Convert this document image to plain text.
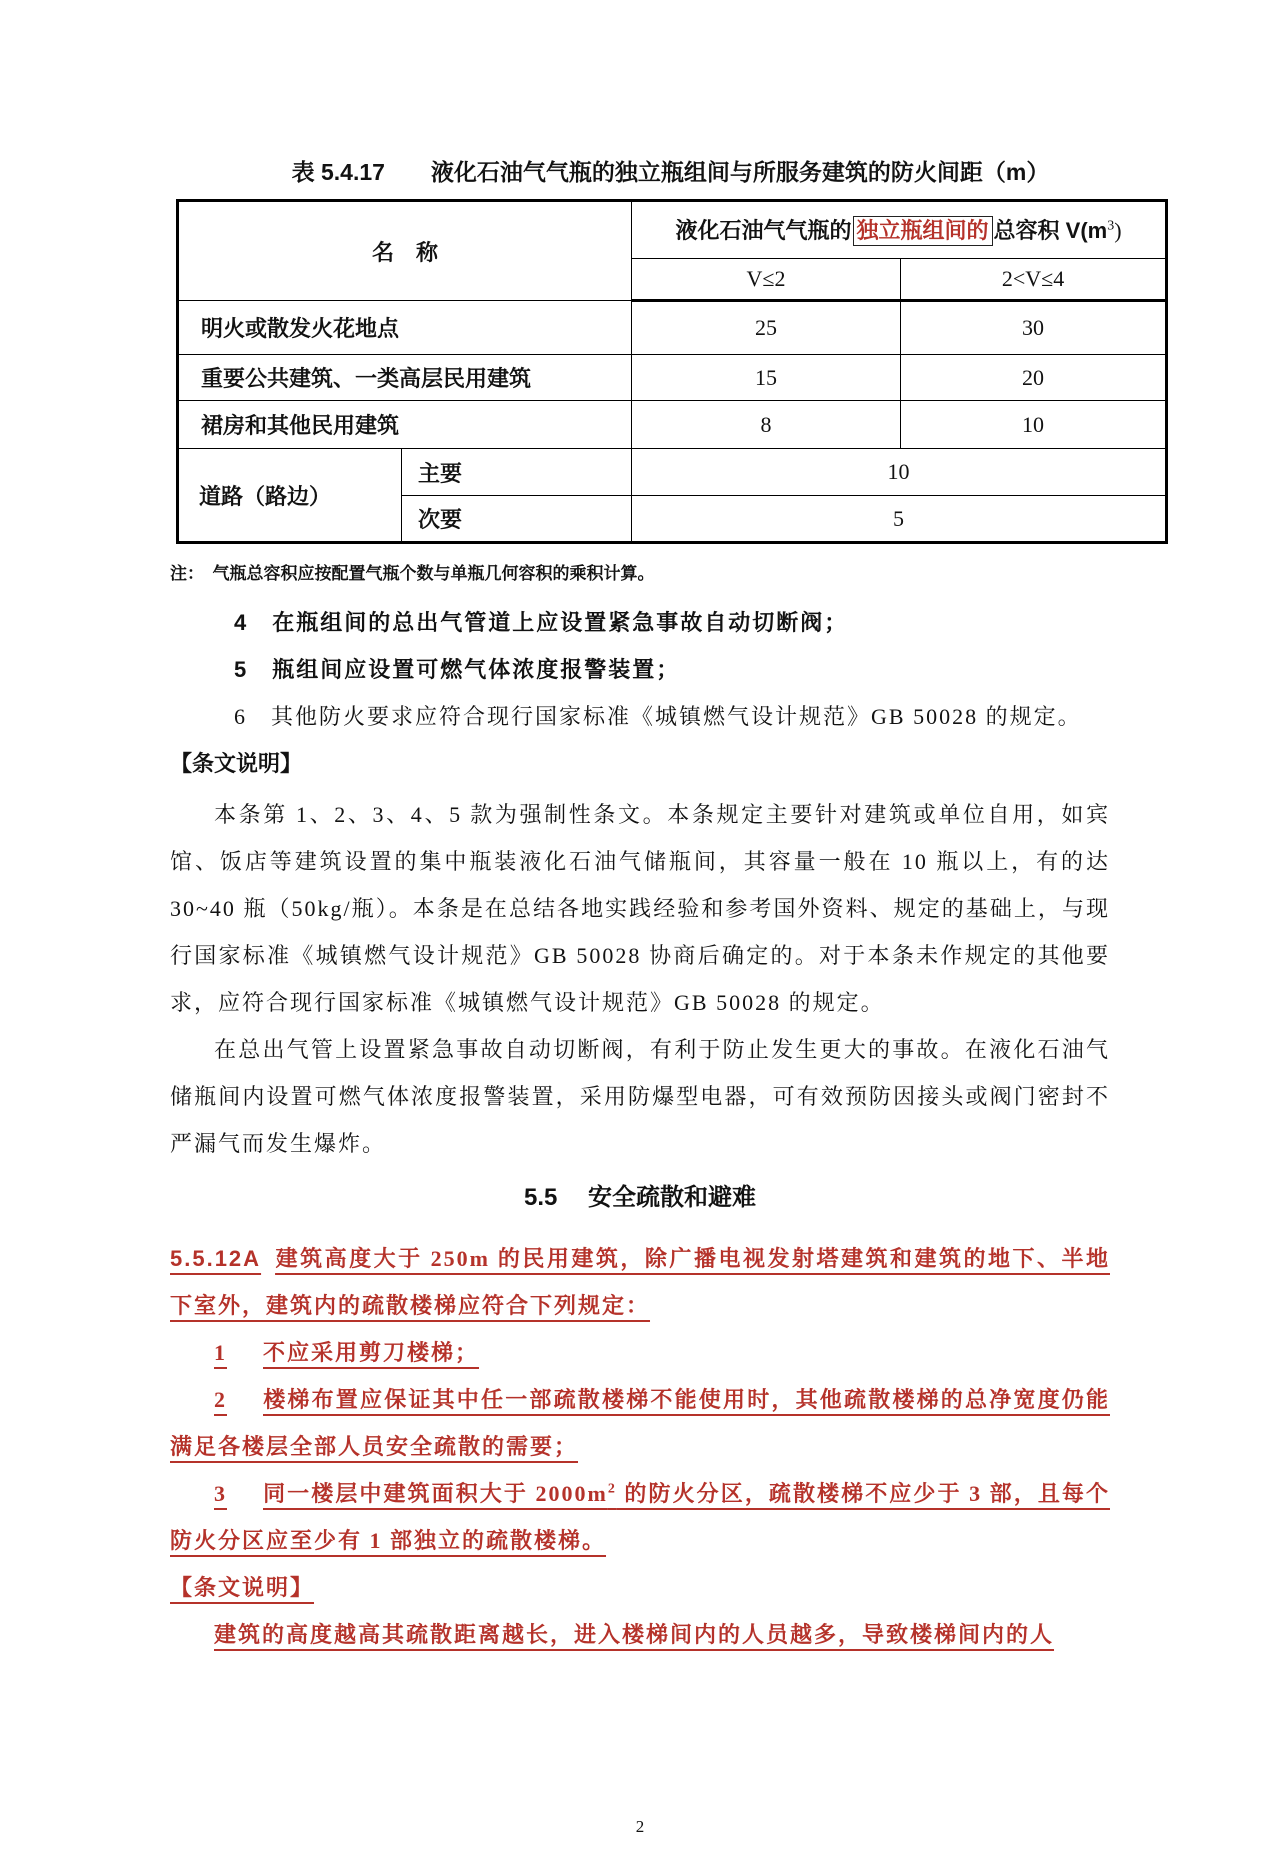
表 5.4.17　　液化石油气气瓶的独立瓶组间与所服务建筑的防火间距（m）
名　称		液化石油气气瓶的 独立瓶组间的 总容积 $V(m^3)$	
		V≤2	2<V≤4
明火或散发火花地点		25	30
重要公共建筑、一类高层民用建筑		15	20
裙房和其他民用建筑		8	10
道路（路边）	主要	10	
	次要	5	
注：　气瓶总容积应按配置气瓶个数与单瓶几何容积的乘积计算。

4 在瓶组间的总出气管道上应设置紧急事故自动切断阀；

5 瓶组间应设置可燃气体浓度报警装置；

6 其他防火要求应符合现行国家标准《城镇燃气设计规范》GB 50028 的规定。

【条文说明】

本条第 1、2、3、4、5 款为强制性条文。本条规定主要针对建筑或单位自用，如宾馆、饭店等建筑设置的集中瓶装液化石油气储瓶间，其容量一般在 10 瓶以上，有的达 30~40 瓶（50kg/瓶）。本条是在总结各地实践经验和参考国外资料、规定的基础上，与现行国家标准《城镇燃气设计规范》GB 50028 协商后确定的。对于本条未作规定的其他要求，应符合现行国家标准《城镇燃气设计规范》GB 50028 的规定。

在总出气管上设置紧急事故自动切断阀，有利于防止发生更大的事故。在液化石油气储瓶间内设置可燃气体浓度报警装置，采用防爆型电器，可有效预防因接头或阀门密封不严漏气而发生爆炸。

5.5　 安全疏散和避难

5.5.12A 建筑高度大于 250m 的民用建筑，除广播电视发射塔建筑和建筑的地下、半地下室外，建筑内的疏散楼梯应符合下列规定：

1 不应采用剪刀楼梯；

2 楼梯布置应保证其中任一部疏散楼梯不能使用时，其他疏散楼梯的总净宽度仍能满足各楼层全部人员安全疏散的需要；

3 同一楼层中建筑面积大于 $2000m^2$ 的防火分区，疏散楼梯不应少于 3 部，且每个防火分区应至少有 1 部独立的疏散楼梯。

【条文说明】

建筑的高度越高其疏散距离越长，进入楼梯间内的人员越多，导致楼梯间内的人

2
